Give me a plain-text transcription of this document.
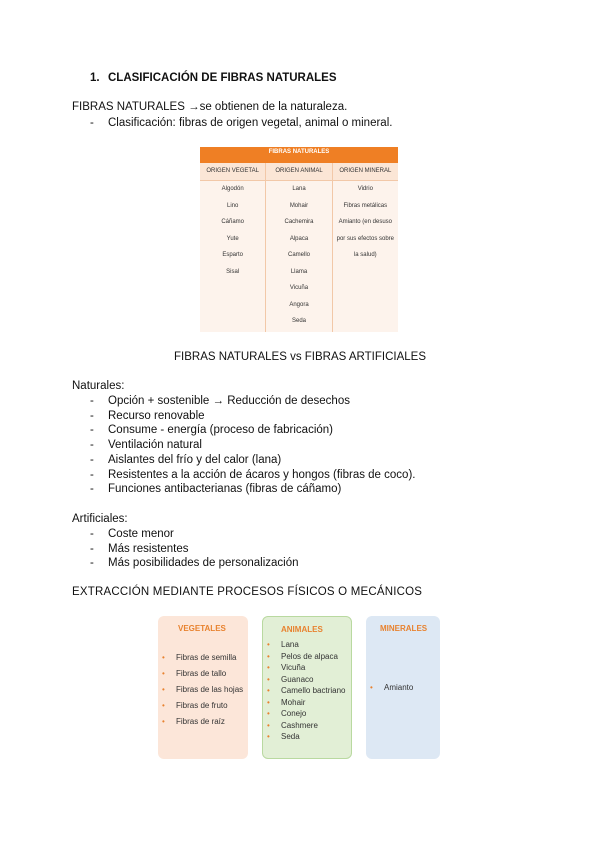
1. CLASIFICACIÓN DE FIBRAS NATURALES
FIBRAS NATURALES →se obtienen de la naturaleza.
- Clasificación: fibras de origen vegetal, animal o mineral.
FIBRAS NATURALES
ORIGEN VEGETAL
Algodón
Lino
Cáñamo
Yute
Esparto
Sisal
ORIGEN ANIMAL
Lana
Mohair
Cachemira
Alpaca
Camello
Llama
Vicuña
Angora
Seda
ORIGEN MINERAL
Vidrio
Fibras metálicas
Amianto (en desuso
por sus efectos sobre
la salud)
FIBRAS NATURALES vs FIBRAS ARTIFICIALES
Naturales:
- Opción + sostenible → Reducción de desechos
- Recurso renovable
- Consume - energía (proceso de fabricación)
- Ventilación natural
- Aislantes del frío y del calor (lana)
- Resistentes a la acción de ácaros y hongos (fibras de coco).
- Funciones antibacterianas (fibras de cáñamo)
Artificiales:
- Coste menor
- Más resistentes
- Más posibilidades de personalización
EXTRACCIÓN MEDIANTE PROCESOS FÍSICOS O MECÁNICOS
VEGETALES
• Fibras de semilla
• Fibras de tallo
• Fibras de las hojas
• Fibras de fruto
• Fibras de raíz
ANIMALES
• Lana
• Pelos de alpaca
• Vicuña
• Guanaco
• Camello bactriano
• Mohair
• Conejo
• Cashmere
• Seda
MINERALES
• Amianto
